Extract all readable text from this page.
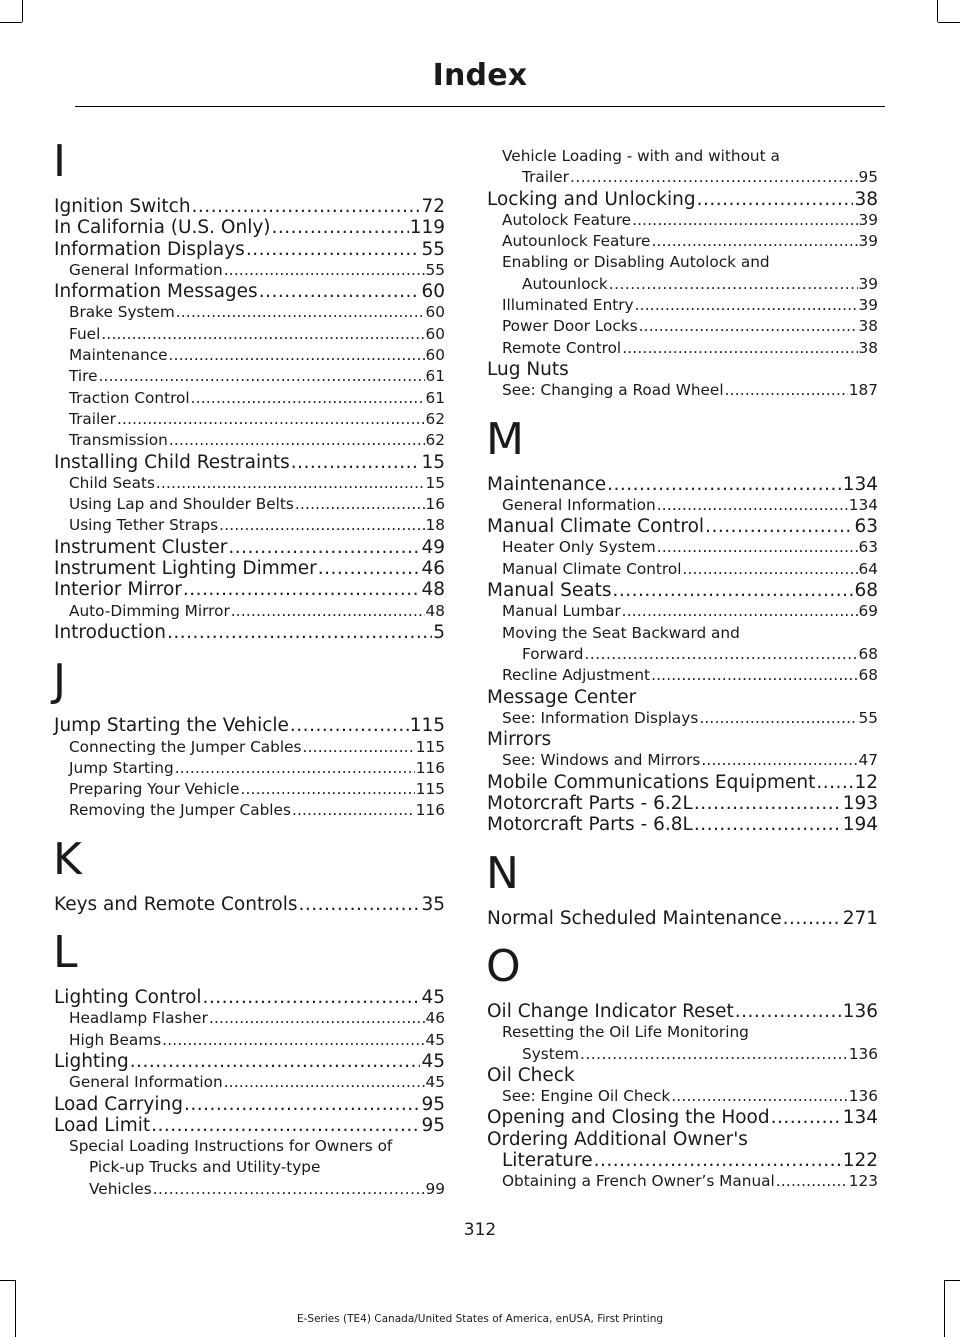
Index
I
Ignition Switch .....	72
In California (U.S. Only) .....	119
Information Displays .....	55
General Information .....	55
Information Messages .....	60
Brake System .....	60
Fuel .....	60
Maintenance .....	60
Tire .....	61
Traction Control .....	61
Trailer .....	62
Transmission .....	62
Installing Child Restraints .....	15
Child Seats .....	15
Using Lap and Shoulder Belts .....	16
Using Tether Straps .....	18
Instrument Cluster .....	49
Instrument Lighting Dimmer .....	46
Interior Mirror .....	48
Auto-Dimming Mirror .....	48
Introduction .....	5
J
Jump Starting the Vehicle .....	115
Connecting the Jumper Cables .....	115
Jump Starting .....	116
Preparing Your Vehicle .....	115
Removing the Jumper Cables .....	116
K
Keys and Remote Controls .....	35
L
Lighting Control .....	45
Headlamp Flasher .....	46
High Beams .....	45
Lighting .....	45
General Information .....	45
Load Carrying .....	95
Load Limit .....	95
Special Loading Instructions for Owners of
Pick-up Trucks and Utility-type
Vehicles .....	99
Vehicle Loading - with and without a
Trailer .....	95
Locking and Unlocking .....	38
Autolock Feature .....	39
Autounlock Feature .....	39
Enabling or Disabling Autolock and
Autounlock .....	39
Illuminated Entry .....	39
Power Door Locks .....	38
Remote Control .....	38
Lug Nuts
See: Changing a Road Wheel .....	187
M
Maintenance .....	134
General Information .....	134
Manual Climate Control .....	63
Heater Only System .....	63
Manual Climate Control .....	64
Manual Seats .....	68
Manual Lumbar .....	69
Moving the Seat Backward and
Forward .....	68
Recline Adjustment .....	68
Message Center
See: Information Displays .....	55
Mirrors
See: Windows and Mirrors .....	47
Mobile Communications Equipment ..... 12
Motorcraft Parts - 6.2L .....	193
Motorcraft Parts - 6.8L .....	194
N
Normal Scheduled Maintenance .....	271
O
Oil Change Indicator Reset .....	136
Resetting the Oil Life Monitoring
System .....	136
Oil Check
See: Engine Oil Check .....	136
Opening and Closing the Hood .....	134
Ordering Additional Owner's
Literature .....	122
Obtaining a French Owner’s Manual .....	123
312
E-Series (TE4) Canada/United States of America, enUSA, First Printing
